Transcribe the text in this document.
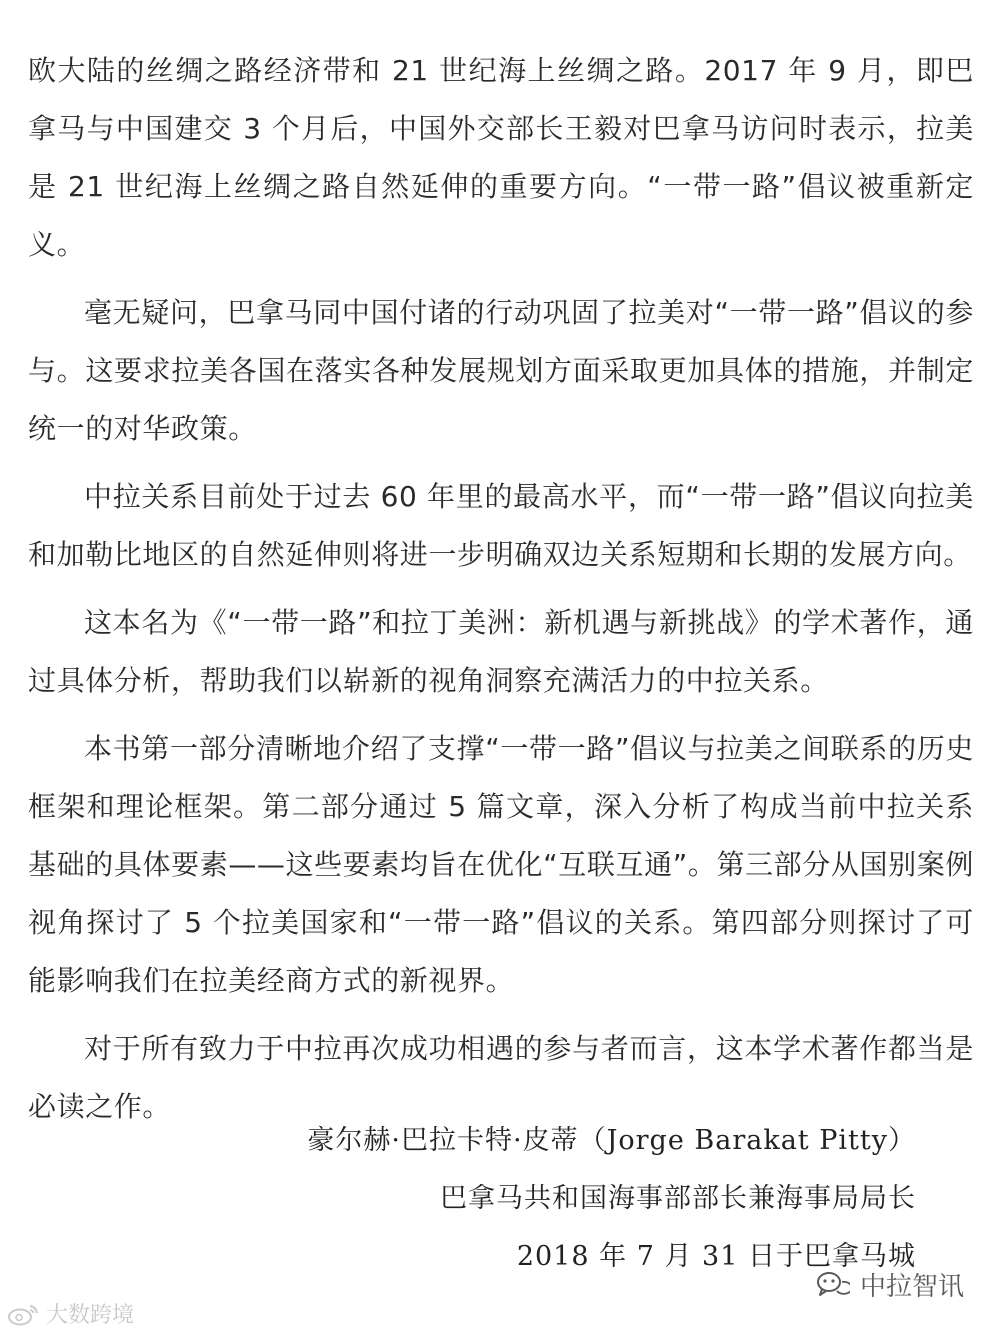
欧大陆的丝绸之路经济带和 21 世纪海上丝绸之路。2017 年 9 月，即巴拿马与中国建交 3 个月后，中国外交部长王毅对巴拿马访问时表示，拉美是 21 世纪海上丝绸之路自然延伸的重要方向。“一带一路”倡议被重新定义。

毫无疑问，巴拿马同中国付诸的行动巩固了拉美对“一带一路”倡议的参与。这要求拉美各国在落实各种发展规划方面采取更加具体的措施，并制定统一的对华政策。

中拉关系目前处于过去 60 年里的最高水平，而“一带一路”倡议向拉美和加勒比地区的自然延伸则将进一步明确双边关系短期和长期的发展方向。

这本名为《“一带一路”和拉丁美洲：新机遇与新挑战》的学术著作，通过具体分析，帮助我们以崭新的视角洞察充满活力的中拉关系。

本书第一部分清晰地介绍了支撑“一带一路”倡议与拉美之间联系的历史框架和理论框架。第二部分通过 5 篇文章，深入分析了构成当前中拉关系基础的具体要素——这些要素均旨在优化“互联互通”。第三部分从国别案例视角探讨了 5 个拉美国家和“一带一路”倡议的关系。第四部分则探讨了可能影响我们在拉美经商方式的新视界。

对于所有致力于中拉再次成功相遇的参与者而言，这本学术著作都当是必读之作。

豪尔赫·巴拉卡特·皮蒂（Jorge Barakat Pitty）
巴拿马共和国海事部部长兼海事局局长
2018 年 7 月 31 日于巴拿马城
大数跨境
中拉智讯
